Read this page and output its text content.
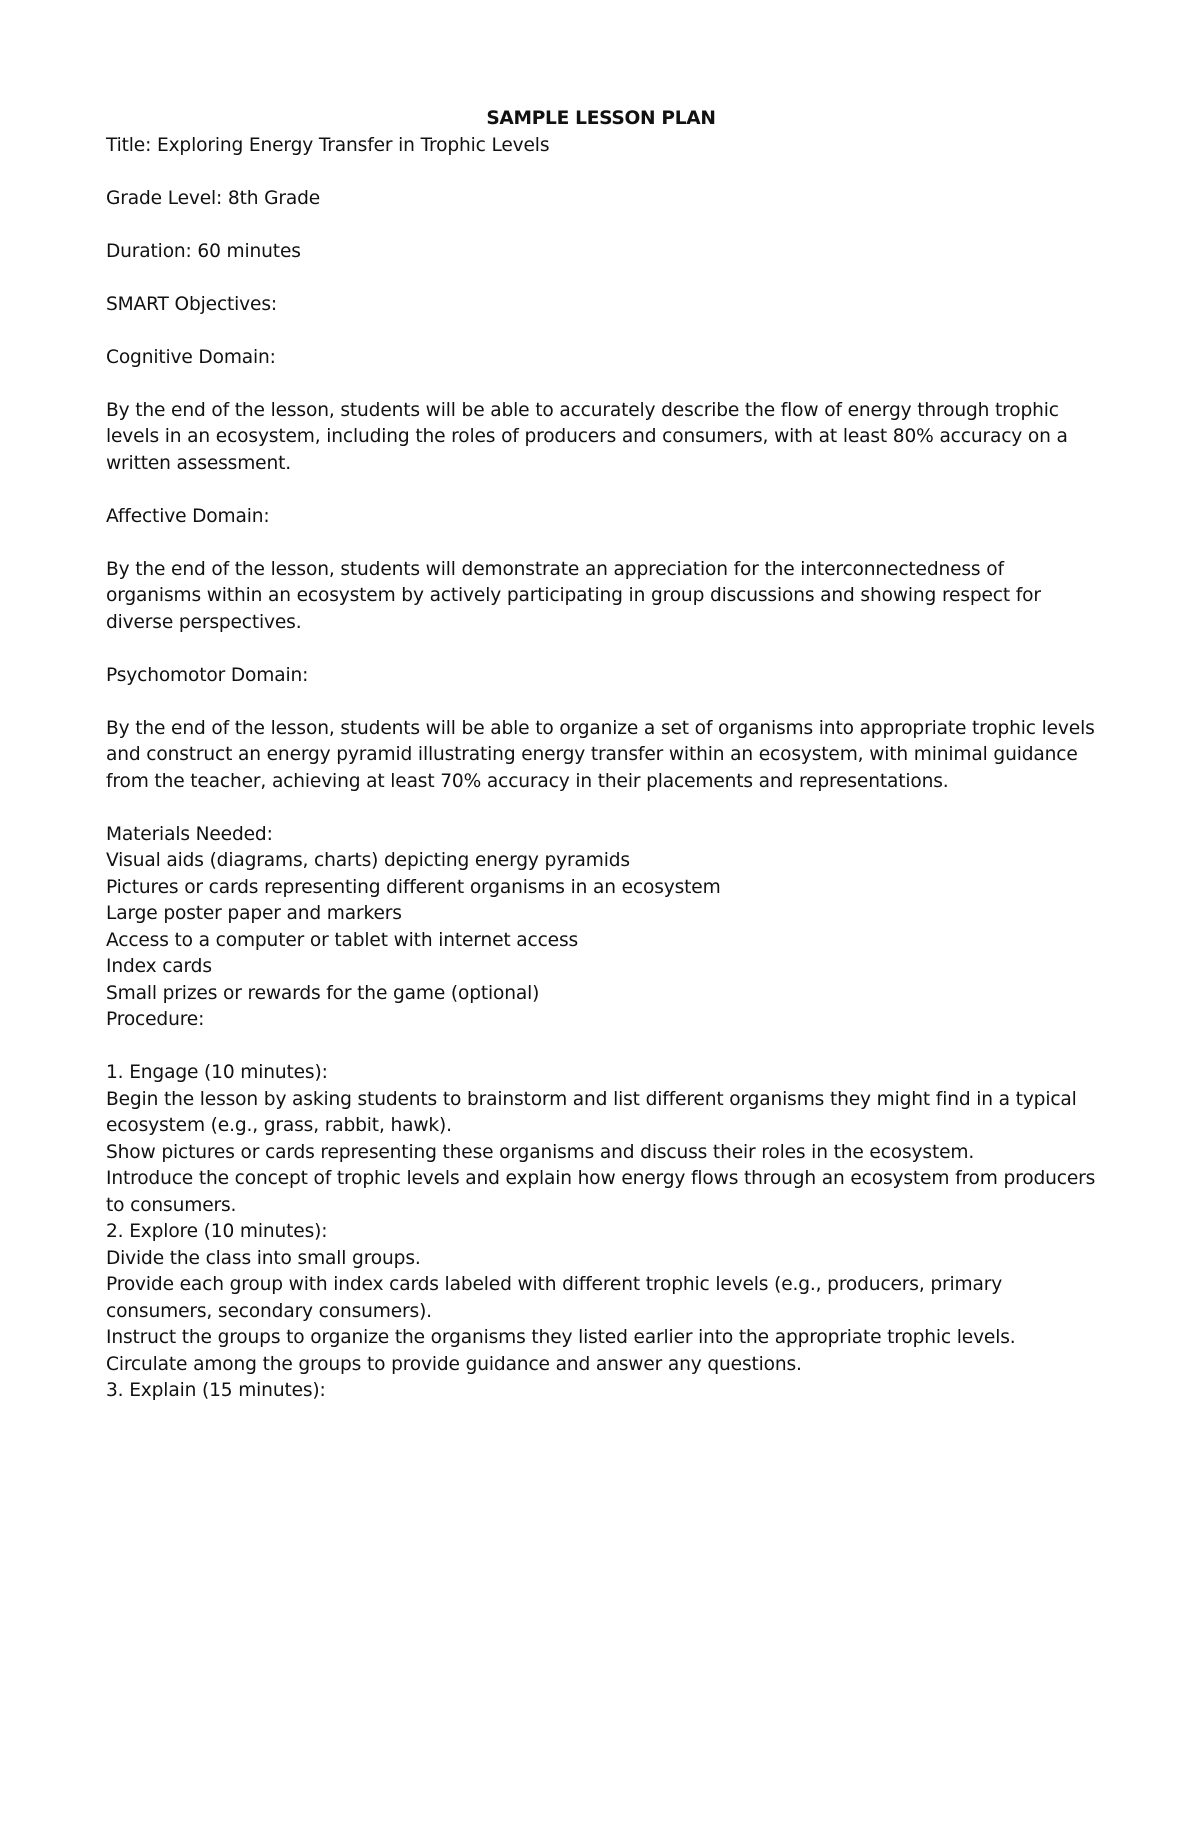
SAMPLE LESSON PLAN

Title: Exploring Energy Transfer in Trophic Levels

Grade Level: 8th Grade

Duration: 60 minutes

SMART Objectives:

Cognitive Domain:

By the end of the lesson, students will be able to accurately describe the flow of energy through trophic levels in an ecosystem, including the roles of producers and consumers, with at least 80% accuracy on a written assessment.

Affective Domain:

By the end of the lesson, students will demonstrate an appreciation for the interconnectedness of organisms within an ecosystem by actively participating in group discussions and showing respect for diverse perspectives.

Psychomotor Domain:

By the end of the lesson, students will be able to organize a set of organisms into appropriate trophic levels and construct an energy pyramid illustrating energy transfer within an ecosystem, with minimal guidance from the teacher, achieving at least 70% accuracy in their placements and representations.

Materials Needed:

Visual aids (diagrams, charts) depicting energy pyramids
Pictures or cards representing different organisms in an ecosystem
Large poster paper and markers
Access to a computer or tablet with internet access
Index cards
Small prizes or rewards for the game (optional)

Procedure:

1. Engage (10 minutes):

Begin the lesson by asking students to brainstorm and list different organisms they might find in a typical ecosystem (e.g., grass, rabbit, hawk).
Show pictures or cards representing these organisms and discuss their roles in the ecosystem.
Introduce the concept of trophic levels and explain how energy flows through an ecosystem from producers to consumers.

2. Explore (10 minutes):

Divide the class into small groups.
Provide each group with index cards labeled with different trophic levels (e.g., producers, primary consumers, secondary consumers).
Instruct the groups to organize the organisms they listed earlier into the appropriate trophic levels.
Circulate among the groups to provide guidance and answer any questions.

3. Explain (15 minutes):
